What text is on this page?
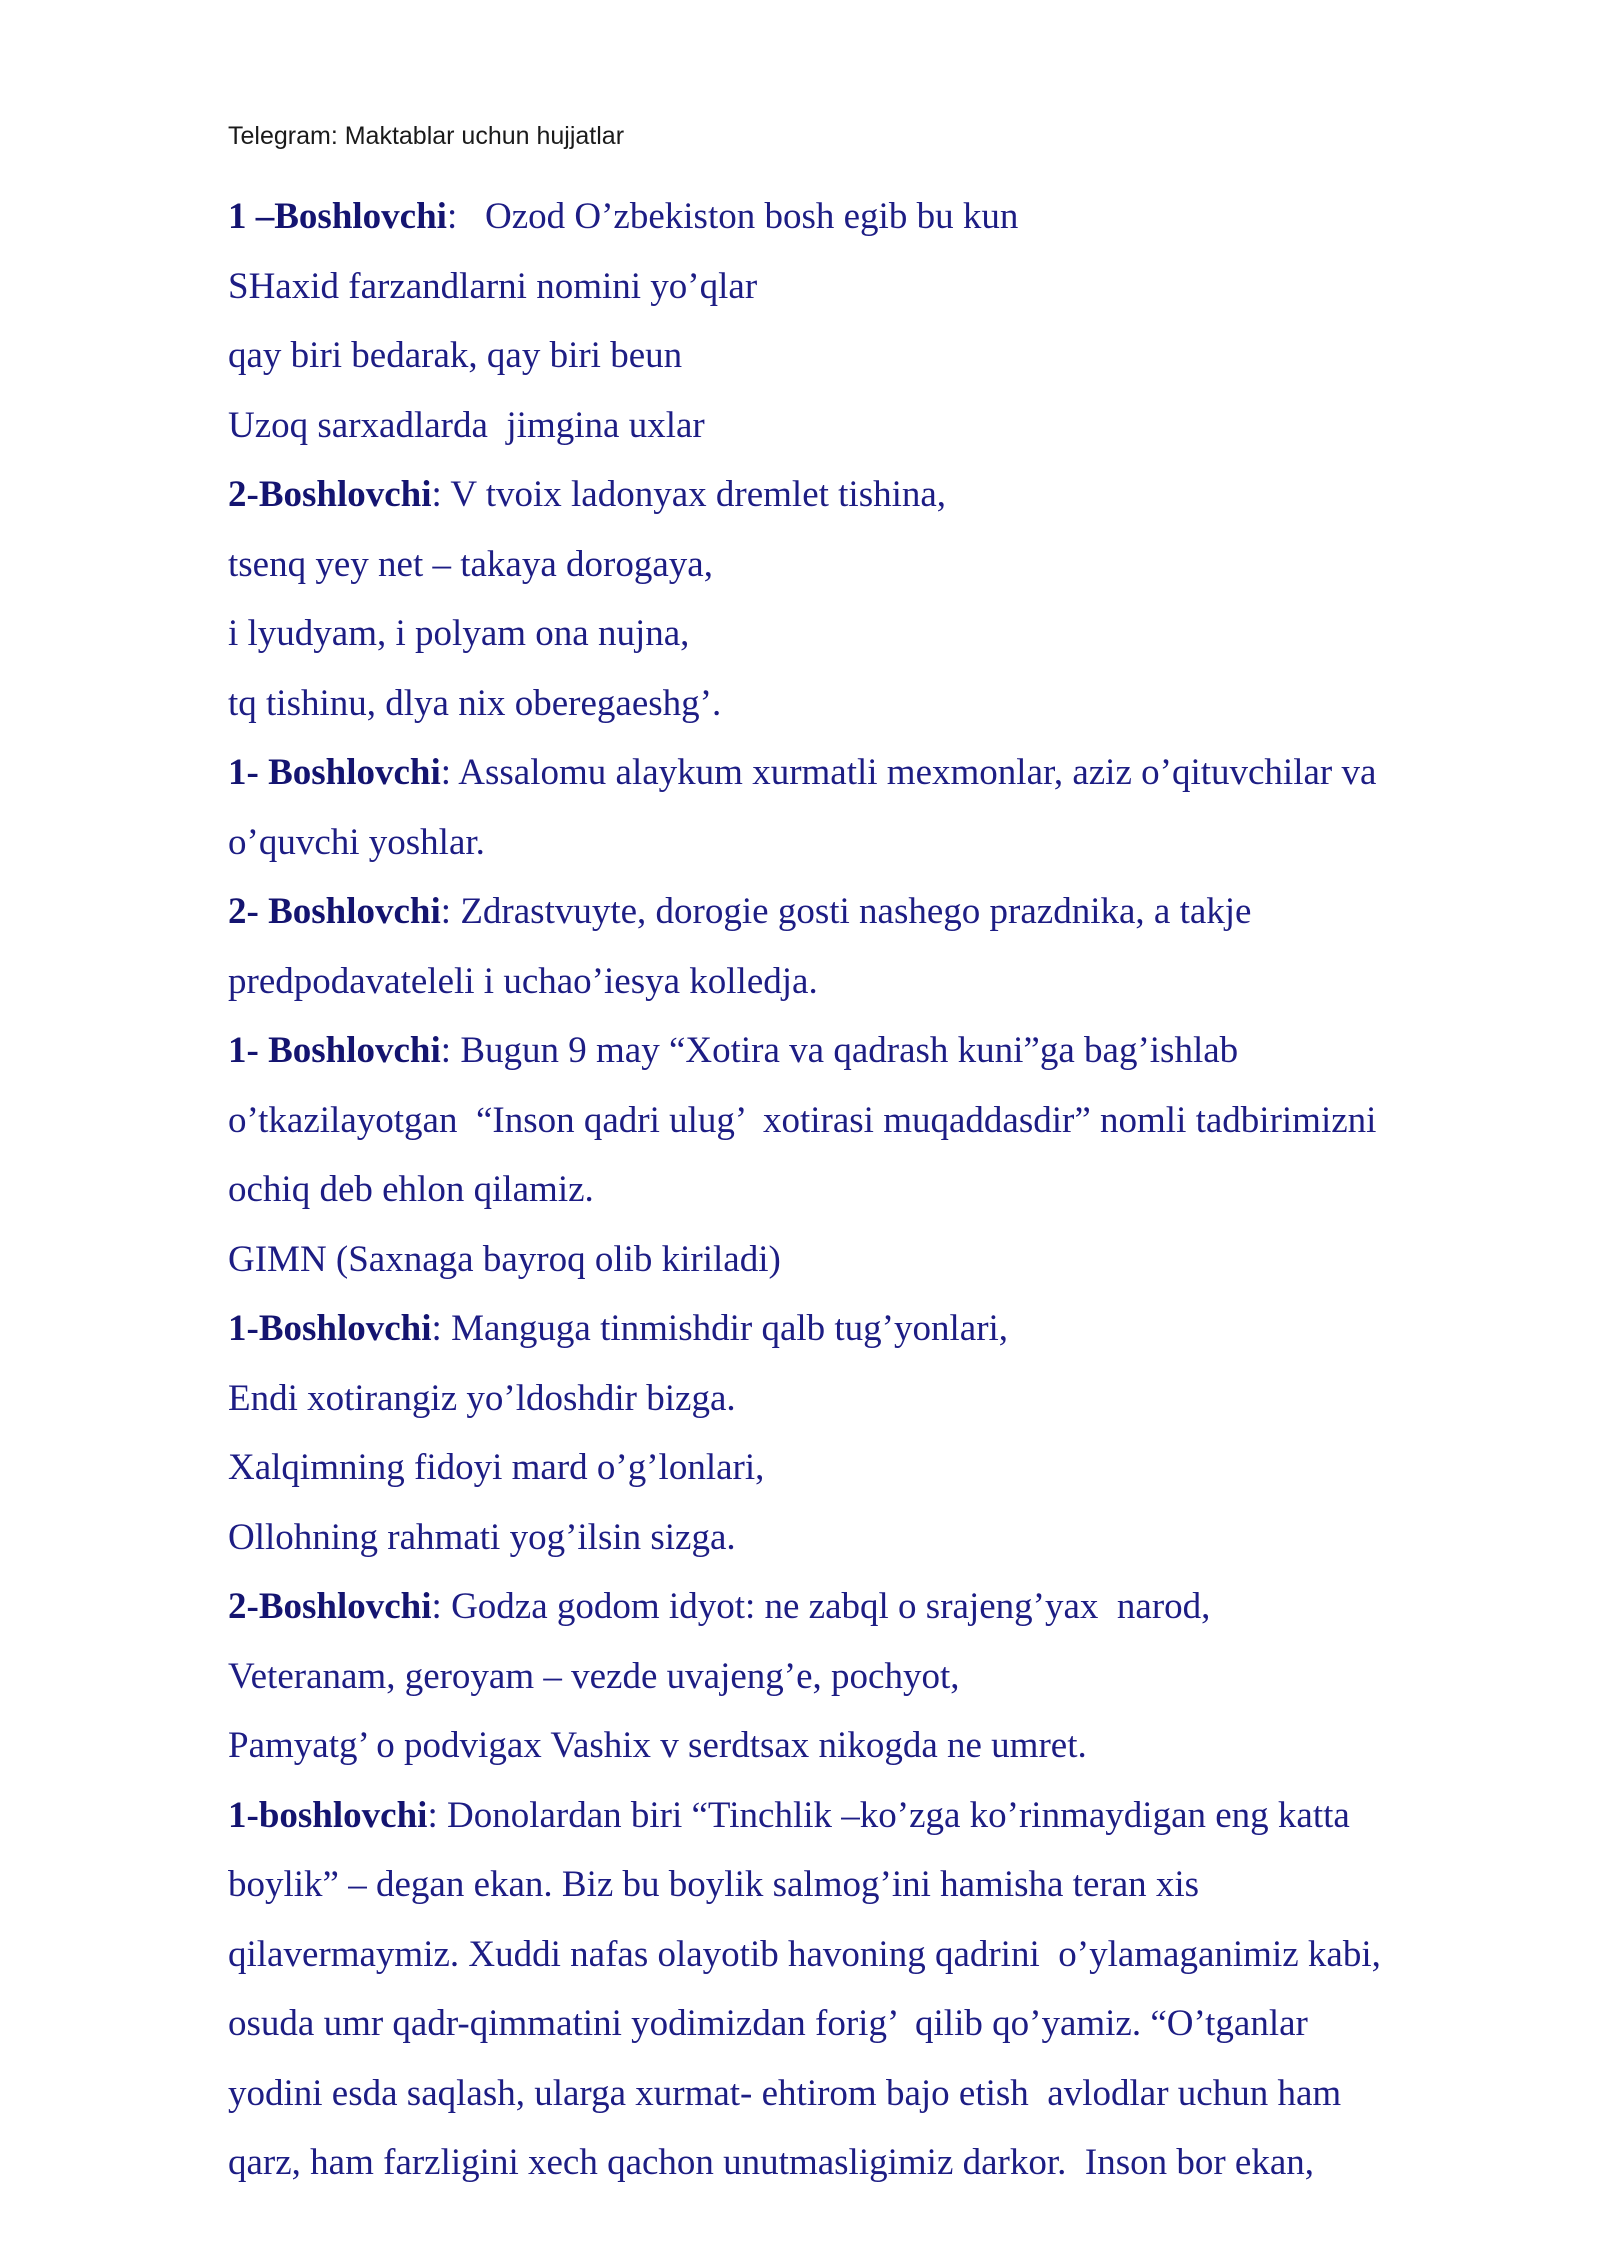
Telegram: Maktablar uchun hujjatlar
1 –Boshlovchi:   Ozod O’zbekiston bosh egib bu kun
SHaxid farzandlarni nomini yo’qlar
qay biri bedarak, qay biri beun
Uzoq sarxadlarda  jimgina uxlar
2-Boshlovchi: V tvoix ladonyax dremlet tishina,
tsenq yey net – takaya dorogaya,
i lyudyam, i polyam ona nujna,
tq tishinu, dlya nix oberegaeshg’.
1- Boshlovchi: Assalomu alaykum xurmatli mexmonlar, aziz o’qituvchilar va
o’quvchi yoshlar.
2- Boshlovchi: Zdrastvuyte, dorogie gosti nashego prazdnika, a takje
predpodavateleli i uchao’iesya kolledja.
1- Boshlovchi: Bugun 9 may “Xotira va qadrash kuni”ga bag’ishlab
o’tkazilayotgan  “Inson qadri ulug’  xotirasi muqaddasdir” nomli tadbirimizni
ochiq deb ehlon qilamiz.
GIMN (Saxnaga bayroq olib kiriladi)
1-Boshlovchi: Manguga tinmishdir qalb tug’yonlari,
Endi xotirangiz yo’ldoshdir bizga.
Xalqimning fidoyi mard o’g’lonlari,
Ollohning rahmati yog’ilsin sizga.
2-Boshlovchi: Godza godom idyot: ne zabql o srajeng’yax  narod,
Veteranam, geroyam – vezde uvajeng’e, pochyot,
Pamyatg’ o podvigax Vashix v serdtsax nikogda ne umret.
1-boshlovchi: Donolardan biri “Tinchlik –ko’zga ko’rinmaydigan eng katta
boylik” – degan ekan. Biz bu boylik salmog’ini hamisha teran xis
qilavermaymiz. Xuddi nafas olayotib havoning qadrini  o’ylamaganimiz kabi,
osuda umr qadr-qimmatini yodimizdan forig’  qilib qo’yamiz. “O’tganlar
yodini esda saqlash, ularga xurmat- ehtirom bajo etish  avlodlar uchun ham
qarz, ham farzligini xech qachon unutmasligimiz darkor.  Inson bor ekan,
